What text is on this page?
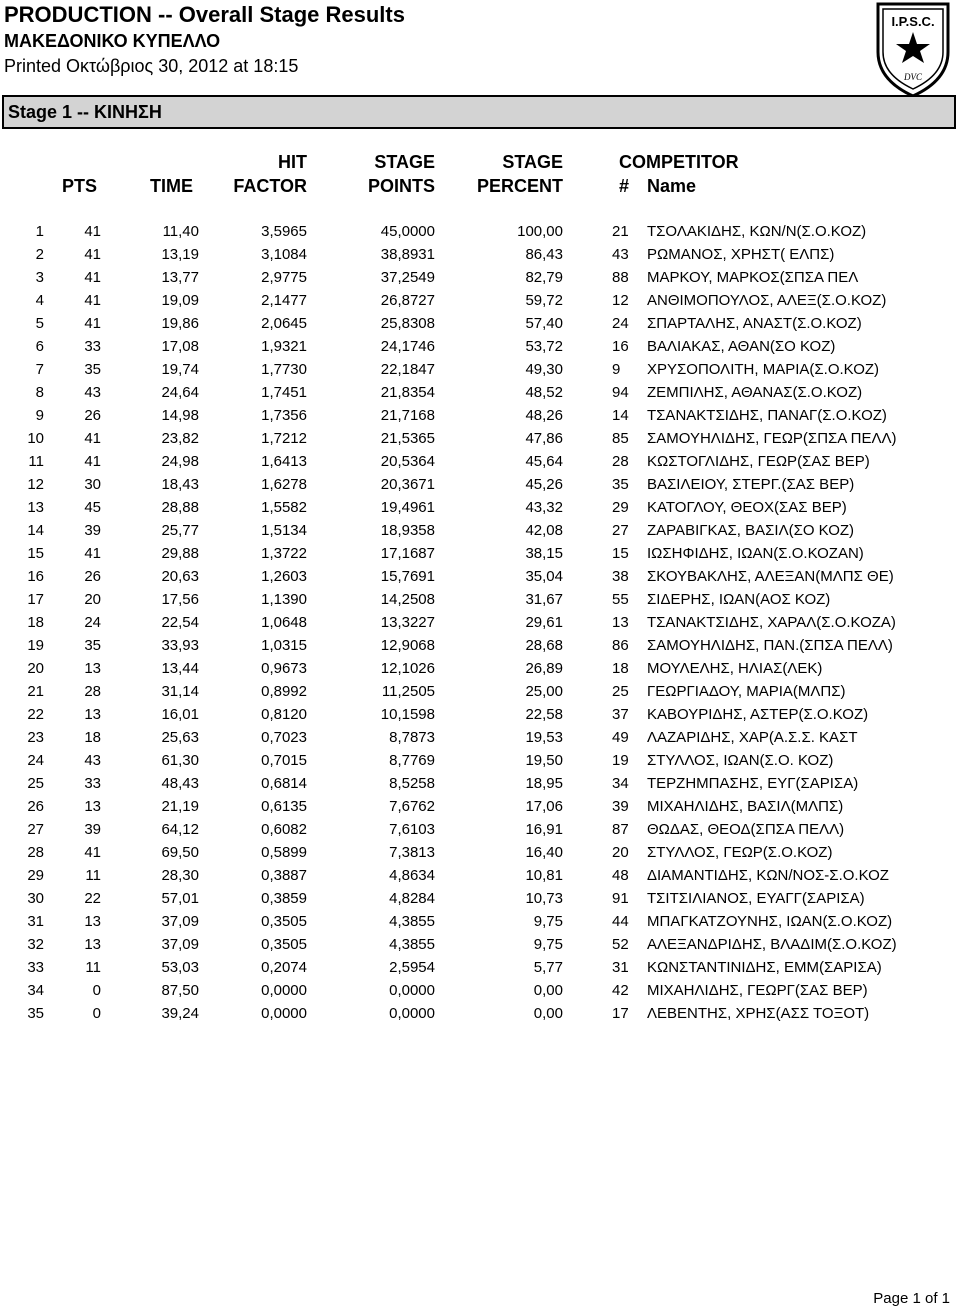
PRODUCTION -- Overall Stage Results
ΜΑΚΕΔΟΝΙΚΟ ΚΥΠΕΛΛΟ
Printed Οκτώβριος 30, 2012 at 18:15
I.P.S.C.
DVC
Stage 1 -- ΚΙΝΗΣΗ
PTS	TIME
HIT
FACTOR
STAGE
POINTS
STAGE
PERCENT
COMPETITOR
# Name
1	41	11,40	3,5965	45,0000	100,00	21 ΤΣΟΛΑΚΙΔΗΣ, ΚΩΝ/Ν(Σ.Ο.ΚΟΖ)
2	41	13,19	3,1084	38,8931	86,43	43 ΡΩΜΑΝΟΣ, ΧΡΗΣΤ( ΕΛΠΣ)
3	41	13,77	2,9775	37,2549	82,79	88 ΜΑΡΚΟΥ, ΜΑΡΚΟΣ(ΣΠΣΑ ΠΕΛ
4	41	19,09	2,1477	26,8727	59,72	12 ΑΝΘΙΜΟΠΟΥΛΟΣ, ΑΛΕΞ(Σ.Ο.ΚΟΖ)
5	41	19,86	2,0645	25,8308	57,40	24 ΣΠΑΡΤΑΛΗΣ, ΑΝΑΣΤ(Σ.Ο.ΚΟΖ)
6	33	17,08	1,9321	24,1746	53,72	16 ΒΑΛΙΑΚΑΣ, ΑΘΑΝ(ΣΟ ΚΟΖ)
7	35	19,74	1,7730	22,1847	49,30	9 ΧΡΥΣΟΠΟΛΙΤΗ, ΜΑΡΙΑ(Σ.Ο.ΚΟΖ)
8	43	24,64	1,7451	21,8354	48,52	94 ΖΕΜΠΙΛΗΣ, ΑΘΑΝΑΣ(Σ.Ο.ΚΟΖ)
9	26	14,98	1,7356	21,7168	48,26	14 ΤΣΑΝΑΚΤΣΙΔΗΣ, ΠΑΝΑΓ(Σ.Ο.ΚΟΖ)
10	41	23,82	1,7212	21,5365	47,86	85 ΣΑΜΟΥΗΛΙΔΗΣ, ΓΕΩΡ(ΣΠΣΑ ΠΕΛΛ)
11	41	24,98	1,6413	20,5364	45,64	28 ΚΩΣΤΟΓΛΙΔΗΣ, ΓΕΩΡ(ΣΑΣ ΒΕΡ)
12	30	18,43	1,6278	20,3671	45,26	35 ΒΑΣΙΛΕΙΟΥ, ΣΤΕΡΓ.(ΣΑΣ ΒΕΡ)
13	45	28,88	1,5582	19,4961	43,32	29 ΚΑΤΟΓΛΟΥ, ΘΕΟΧ(ΣΑΣ ΒΕΡ)
14	39	25,77	1,5134	18,9358	42,08	27 ΖΑΡΑΒΙΓΚΑΣ, ΒΑΣΙΛ(ΣΟ ΚΟΖ)
15	41	29,88	1,3722	17,1687	38,15	15 ΙΩΣΗΦΙΔΗΣ, ΙΩΑΝ(Σ.Ο.ΚΟΖΑΝ)
16	26	20,63	1,2603	15,7691	35,04	38 ΣΚΟΥΒΑΚΛΗΣ, ΑΛΕΞΑΝ(ΜΛΠΣ ΘΕ)
17	20	17,56	1,1390	14,2508	31,67	55 ΣΙΔΕΡΗΣ, ΙΩΑΝ(ΑΟΣ ΚΟΖ)
18	24	22,54	1,0648	13,3227	29,61	13 ΤΣΑΝΑΚΤΣΙΔΗΣ, ΧΑΡΑΛ(Σ.Ο.ΚΟΖΑ)
19	35	33,93	1,0315	12,9068	28,68	86 ΣΑΜΟΥΗΛΙΔΗΣ, ΠΑΝ.(ΣΠΣΑ ΠΕΛΛ)
20	13	13,44	0,9673	12,1026	26,89	18 ΜΟΥΛΕΛΗΣ, ΗΛΙΑΣ(ΛΕΚ)
21	28	31,14	0,8992	11,2505	25,00	25 ΓΕΩΡΓΙΑΔΟΥ, ΜΑΡΙΑ(ΜΛΠΣ)
22	13	16,01	0,8120	10,1598	22,58	37 ΚΑΒΟΥΡΙΔΗΣ, ΑΣΤΕΡ(Σ.Ο.ΚΟΖ)
23	18	25,63	0,7023	8,7873	19,53	49 ΛΑΖΑΡΙΔΗΣ, ΧΑΡ(Α.Σ.Σ. ΚΑΣΤ
24	43	61,30	0,7015	8,7769	19,50	19 ΣΤΥΛΛΟΣ, ΙΩΑΝ(Σ.Ο. ΚΟΖ)
25	33	48,43	0,6814	8,5258	18,95	34 ΤΕΡΖΗΜΠΑΣΗΣ, ΕΥΓ(ΣΑΡΙΣΑ)
26	13	21,19	0,6135	7,6762	17,06	39 ΜΙΧΑΗΛΙΔΗΣ, ΒΑΣΙΛ(ΜΛΠΣ)
27	39	64,12	0,6082	7,6103	16,91	87 ΘΩΔΑΣ, ΘΕΟΔ(ΣΠΣΑ ΠΕΛΛ)
28	41	69,50	0,5899	7,3813	16,40	20 ΣΤΥΛΛΟΣ, ΓΕΩΡ(Σ.Ο.ΚΟΖ)
29	11	28,30	0,3887	4,8634	10,81	48 ΔΙΑΜΑΝΤΙΔΗΣ, ΚΩΝ/ΝΟΣ-Σ.Ο.ΚΟΖ
30	22	57,01	0,3859	4,8284	10,73	91 ΤΣΙΤΣΙΛΙΑΝΟΣ, ΕΥΑΓΓ(ΣΑΡΙΣΑ)
31	13	37,09	0,3505	4,3855	9,75	44 ΜΠΑΓΚΑΤΖΟΥΝΗΣ, ΙΩΑΝ(Σ.Ο.ΚΟΖ)
32	13	37,09	0,3505	4,3855	9,75	52 ΑΛΕΞΑΝΔΡΙΔΗΣ, ΒΛΑΔΙΜ(Σ.Ο.ΚΟΖ)
33	11	53,03	0,2074	2,5954	5,77	31 ΚΩΝΣΤΑΝΤΙΝΙΔΗΣ, ΕΜΜ(ΣΑΡΙΣΑ)
34	0	87,50	0,0000	0,0000	0,00	42 ΜΙΧΑΗΛΙΔΗΣ, ΓΕΩΡΓ(ΣΑΣ ΒΕΡ)
35	0	39,24	0,0000	0,0000	0,00	17 ΛΕΒΕΝΤΗΣ, ΧΡΗΣ(ΑΣΣ ΤΟΞΟΤ)
Page 1 of 1
